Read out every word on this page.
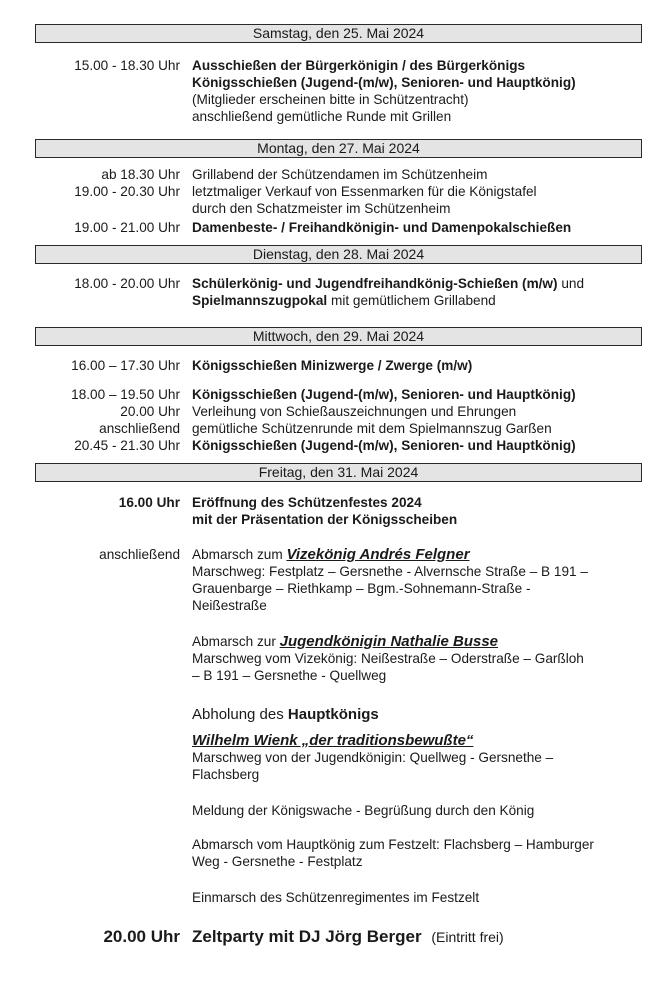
Samstag, den 25. Mai 2024
15.00 - 18.30 Uhr Ausschießen der Bürgerkönigin / des Bürgerkönigs
Königsschießen (Jugend-(m/w), Senioren- und Hauptkönig)
(Mitglieder erscheinen bitte in Schützentracht)
anschließend gemütliche Runde mit Grillen
Montag, den 27. Mai 2024
ab 18.30 Uhr Grillabend der Schützendamen im Schützenheim
19.00 - 20.30 Uhr letztmaliger Verkauf von Essenmarken für die Königstafel
durch den Schatzmeister im Schützenheim
19.00 - 21.00 Uhr Damenbeste- / Freihandkönigin- und Damenpokalschießen
Dienstag, den 28. Mai 2024
18.00 - 20.00 Uhr Schülerkönig- und Jugendfreihandkönig-Schießen (m/w) und
Spielmannszugpokal mit gemütlichem Grillabend
Mittwoch, den 29. Mai 2024
16.00 – 17.30 Uhr Königsschießen Minizwerge / Zwerge (m/w)
18.00 – 19.50 Uhr Königsschießen (Jugend-(m/w), Senioren- und Hauptkönig)
20.00 Uhr Verleihung von Schießauszeichnungen und Ehrungen
anschließend gemütliche Schützenrunde mit dem Spielmannszug Garßen
20.45 - 21.30 Uhr Königsschießen (Jugend-(m/w), Senioren- und Hauptkönig)
Freitag, den 31. Mai 2024
16.00 Uhr Eröffnung des Schützenfestes 2024
mit der Präsentation der Königsscheiben
anschließend Abmarsch zum Vizekönig Andrés Felgner
Marschweg: Festplatz – Gersnethe - Alvernsche Straße – B 191 –
Grauenbarge – Riethkamp – Bgm.-Sohnemann-Straße -
Neißestraße
Abmarsch zur Jugendkönigin Nathalie Busse
Marschweg vom Vizekönig: Neißestraße – Oderstraße – Garßloh
– B 191 – Gersnethe - Quellweg
Abholung des Hauptkönigs
Wilhelm Wienk „der traditionsbewußte“
Marschweg von der Jugendkönigin: Quellweg - Gersnethe –
Flachsberg
Meldung der Königswache - Begrüßung durch den König
Abmarsch vom Hauptkönig zum Festzelt: Flachsberg – Hamburger
Weg - Gersnethe - Festplatz
Einmarsch des Schützenregimentes im Festzelt
20.00 Uhr Zeltparty mit DJ Jörg Berger (Eintritt frei)
